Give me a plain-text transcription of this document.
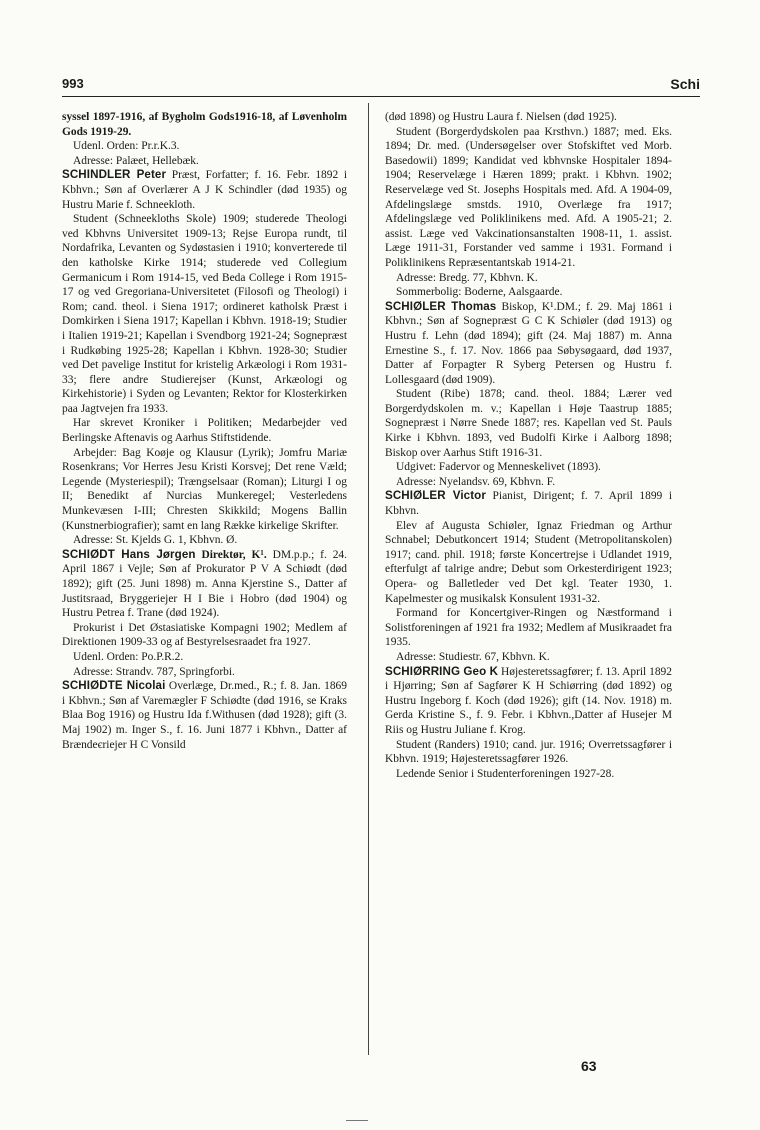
993	Schi

syssel 1897-1916, af Bygholm Gods1916-18, af Løvenholm Gods 1919-29.

Udenl. Orden: Pr.r.K.3.

Adresse: Palæet, Hellebæk.

SCHINDLER Peter Præst, Forfatter; f. 16. Febr. 1892 i Kbhvn.; Søn af Overlærer A J K Schindler (død 1935) og Hustru Marie f. Schneekloth.

Student (Schneekloths Skole) 1909; studerede Theologi ved Kbhvns Universitet 1909-13; Rejse Europa rundt, til Nordafrika, Levanten og Sydøstasien i 1910; konverterede til den katholske Kirke 1914; studerede ved Collegium Germanicum i Rom 1914-15, ved Beda College i Rom 1915-17 og ved Gregoriana-Universitetet (Filosofi og Theologi) i Rom; cand. theol. i Siena 1917; ordineret katholsk Præst i Domkirken i Siena 1917; Kapellan i Kbhvn. 1918-19; Studier i Italien 1919-21; Kapellan i Svendborg 1921-24; Sognepræst i Rudkøbing 1925-28; Kapellan i Kbhvn. 1928-30; Studier ved Det pavelige Institut for kristelig Arkæologi i Rom 1931-33; flere andre Studierejser (Kunst, Arkæologi og Kirkehistorie) i Syden og Levanten; Rektor for Klosterkirken paa Jagtvejen fra 1933.

Har skrevet Kroniker i Politiken; Medarbejder ved Berlingske Aftenavis og Aarhus Stiftstidende.

Arbejder: Bag Koøje og Klausur (Lyrik); Jomfru Mariæ Rosenkrans; Vor Herres Jesu Kristi Korsvej; Det rene Væld; Legende (Mysteriespil); Trængselsaar (Roman); Liturgi I og II; Benedikt af Nurcias Munkeregel; Vesterledens Munkevæsen I-III; Chresten Skikkild; Mogens Ballin (Kunstnerbiografier); samt en lang Række kirkelige Skrifter.

Adresse: St. Kjelds G. 1, Kbhvn. Ø.

SCHIØDT Hans Jørgen Direktør, K¹. DM.p.p.; f. 24. April 1867 i Vejle; Søn af Prokurator P V A Schiødt (død 1892); gift (25. Juni 1898) m. Anna Kjerstine S., Datter af Justitsraad, Bryggeriejer H I Bie i Hobro (død 1904) og Hustru Petrea f. Trane (død 1924).

Prokurist i Det Østasiatiske Kompagni 1902; Medlem af Direktionen 1909-33 og af Bestyrelsesraadet fra 1927.

Udenl. Orden: Po.P.R.2.

Adresse: Strandv. 787, Springforbi.

SCHIØDTE Nicolai Overlæge, Dr.med., R.; f. 8. Jan. 1869 i Kbhvn.; Søn af Varemægler F Schiødte (død 1916, se Kraks Blaa Bog 1916) og Hustru Ida f.Withusen (død 1928); gift (3. Maj 1902) m. Inger S., f. 16. Juni 1877 i Kbhvn., Datter af Brændeєriejer H C Vonsild

(død 1898) og Hustru Laura f. Nielsen (død 1925).

Student (Borgerdydskolen paa Krsthvn.) 1887; med. Eks. 1894; Dr. med. (Undersøgelser over Stofskiftet ved Morb. Basedowii) 1899; Kandidat ved kbhvnske Hospitaler 1894-1904; Reservelæge i Hæren 1899; prakt. i Kbhvn. 1902; Reservelæge ved St. Josephs Hospitals med. Afd. A 1904-09, Afdelingslæge smstds. 1910, Overlæge fra 1917; Afdelingslæge ved Poliklinikens med. Afd. A 1905-21; 2. assist. Læge ved Vakcinationsanstalten 1908-11, 1. assist. Læge 1911-31, Forstander ved samme i 1931. Formand i Poliklinikens Repræsentantskab 1914-21.

Adresse: Bredg. 77, Kbhvn. K.

Sommerbolig: Boderne, Aalsgaarde.

SCHIØLER Thomas Biskop, K¹.DM.; f. 29. Maj 1861 i Kbhvn.; Søn af Sognepræst G C K Schiøler (død 1913) og Hustru f. Lehn (død 1894); gift (24. Maj 1887) m. Anna Ernestine S., f. 17. Nov. 1866 paa Søbysøgaard, død 1937, Datter af Forpagter R Syberg Petersen og Hustru f. Lollesgaard (død 1909).

Student (Ribe) 1878; cand. theol. 1884; Lærer ved Borgerdydskolen m. v.; Kapellan i Høje Taastrup 1885; Sognepræst i Nørre Snede 1887; res. Kapellan ved St. Pauls Kirke i Kbhvn. 1893, ved Budolfi Kirke i Aalborg 1898; Biskop over Aarhus Stift 1916-31.

Udgivet: Fadervor og Menneskelivet (1893).

Adresse: Nyelandsv. 69, Kbhvn. F.

SCHIØLER Victor Pianist, Dirigent; f. 7. April 1899 i Kbhvn.

Elev af Augusta Schiøler, Ignaz Friedman og Arthur Schnabel; Debutkoncert 1914; Student (Metropolitanskolen) 1917; cand. phil. 1918; første Koncertrejse i Udlandet 1919, efterfulgt af talrige andre; Debut som Orkesterdirigent 1923; Opera- og Balletleder ved Det kgl. Teater 1930, 1. Kapelmester og musikalsk Konsulent 1931-32.

Formand for Koncertgiver-Ringen og Næstformand i Solistforeningen af 1921 fra 1932; Medlem af Musikraadet fra 1935.

Adresse: Studiestr. 67, Kbhvn. K.

SCHIØRRING Geo K Højesteretssagfører; f. 13. April 1892 i Hjørring; Søn af Sagfører K H Schiørring (død 1892) og Hustru Ingeborg f. Koch (død 1926); gift (14. Nov. 1918) m. Gerda Kristine S., f. 9. Febr. i Kbhvn.,Datter af Husejer M Riis og Hustru Juliane f. Krog.

Student (Randers) 1910; cand. jur. 1916; Overretssagfører i Kbhvn. 1919; Højesteretssagfører 1926.

Ledende Senior i Studenterforeningen 1927-28.

63
